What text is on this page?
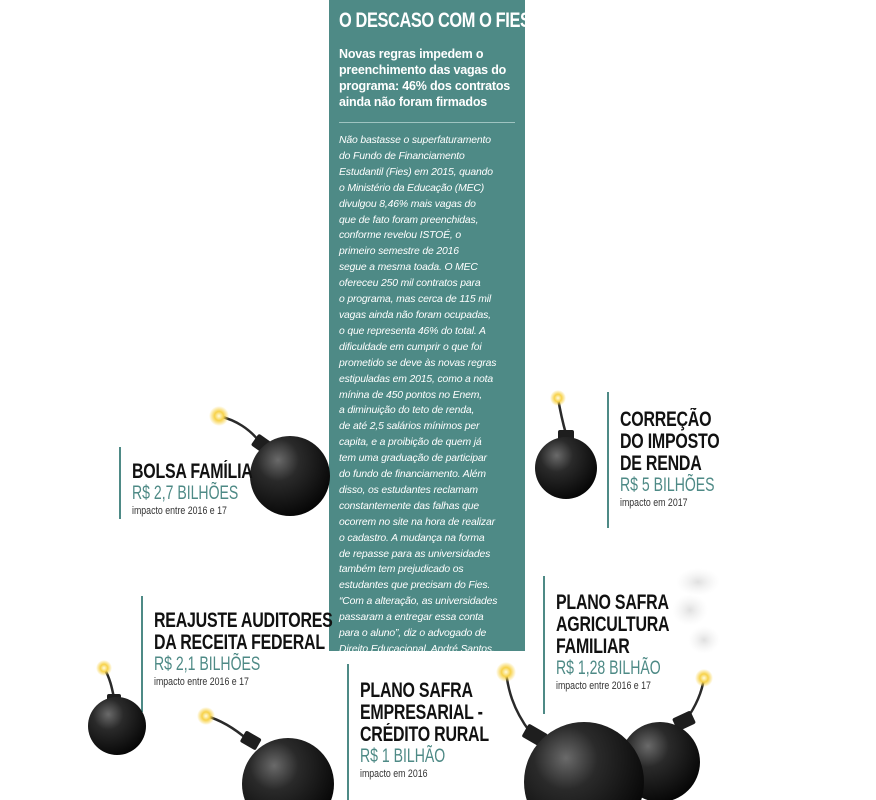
O DESCASO COM O FIES
Novas regras impedem o preenchimento das vagas do programa: 46% dos contratos ainda não foram firmados
Não bastasse o superfaturamento
do Fundo de Financiamento
Estudantil (Fies) em 2015, quando
o Ministério da Educação (MEC)
divulgou 8,46% mais vagas do
que de fato foram preenchidas,
conforme revelou ISTOÉ, o
primeiro semestre de 2016
segue a mesma toada. O MEC
ofereceu 250 mil contratos para
o programa, mas cerca de 115 mil
vagas ainda não foram ocupadas,
o que representa 46% do total. A
dificuldade em cumprir o que foi
prometido se deve às novas regras
estipuladas em 2015, como a nota
mínina de 450 pontos no Enem,
a diminuição do teto de renda,
de até 2,5 salários mínimos per
capita, e a proibição de quem já
tem uma graduação de participar
do fundo de financiamento. Além
disso, os estudantes reclamam
constantemente das falhas que
ocorrem no site na hora de realizar
o cadastro. A mudança na forma
de repasse para as universidades
também tem prejudicado os
estudantes que precisam do Fies.
“Com a alteração, as universidades
passaram a entregar essa conta
para o aluno”, diz o advogado de
Direito Educacional, André Santos.
BOLSA FAMÍLIA
R$ 2,7 BILHÕES
impacto entre 2016 e 17
CORREÇÃO
DO IMPOSTO
DE RENDA
R$ 5 BILHÕES
impacto em 2017
REAJUSTE AUDITORES
DA RECEITA FEDERAL
R$ 2,1 BILHÕES
impacto entre 2016 e 17	PLANO SAFRA
EMPRESARIAL -
CRÉDITO RURAL
R$ 1 BILHÃO
impacto em 2016
PLANO SAFRA
AGRICULTURA
FAMILIAR
R$ 1,28 BILHÃO
impacto entre 2016 e 17
